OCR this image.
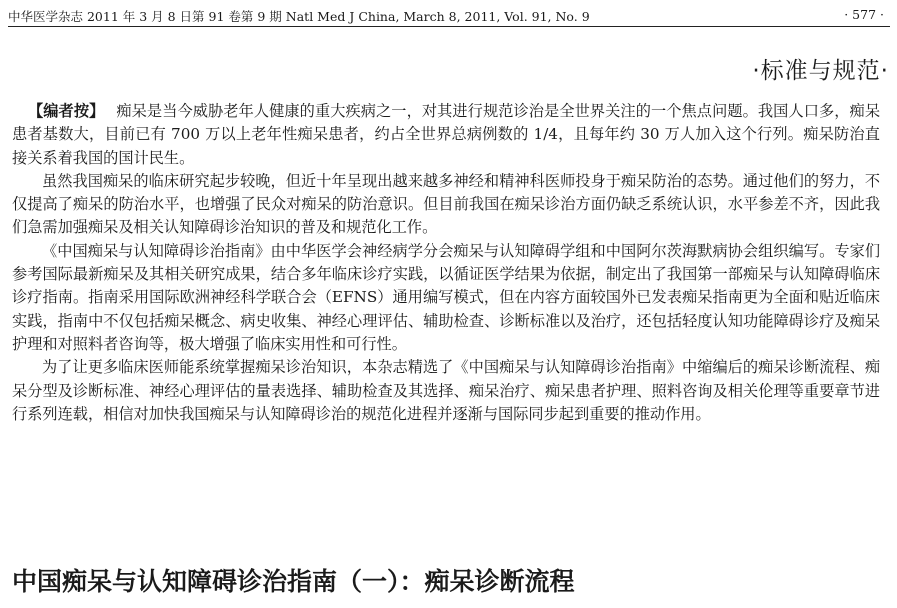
中华医学杂志 2011 年 3 月 8 日第 91 卷第 9 期 Natl Med J China, March 8, 2011, Vol. 91, No. 9	· 577 ·
·标准与规范·

【编者按】 痴呆是当今威胁老年人健康的重大疾病之一，对其进行规范诊治是全世界关注的一个焦点问题。我国人口多，痴呆患者基数大，目前已有 700 万以上老年性痴呆患者，约占全世界总病例数的 1/4，且每年约 30 万人加入这个行列。痴呆防治直接关系着我国的国计民生。

虽然我国痴呆的临床研究起步较晚，但近十年呈现出越来越多神经和精神科医师投身于痴呆防治的态势。通过他们的努力，不仅提高了痴呆的防治水平，也增强了民众对痴呆的防治意识。但目前我国在痴呆诊治方面仍缺乏系统认识，水平参差不齐，因此我们急需加强痴呆及相关认知障碍诊治知识的普及和规范化工作。

《中国痴呆与认知障碍诊治指南》由中华医学会神经病学分会痴呆与认知障碍学组和中国阿尔茨海默病协会组织编写。专家们参考国际最新痴呆及其相关研究成果，结合多年临床诊疗实践，以循证医学结果为依据，制定出了我国第一部痴呆与认知障碍临床诊疗指南。指南采用国际欧洲神经科学联合会（EFNS）通用编写模式，但在内容方面较国外已发表痴呆指南更为全面和贴近临床实践，指南中不仅包括痴呆概念、病史收集、神经心理评估、辅助检查、诊断标准以及治疗，还包括轻度认知功能障碍诊疗及痴呆护理和对照料者咨询等，极大增强了临床实用性和可行性。

为了让更多临床医师能系统掌握痴呆诊治知识，本杂志精选了《中国痴呆与认知障碍诊治指南》中缩编后的痴呆诊断流程、痴呆分型及诊断标准、神经心理评估的量表选择、辅助检查及其选择、痴呆治疗、痴呆患者护理、照料咨询及相关伦理等重要章节进行系列连载，相信对加快我国痴呆与认知障碍诊治的规范化进程并逐渐与国际同步起到重要的推动作用。

中国痴呆与认知障碍诊治指南（一）：痴呆诊断流程
